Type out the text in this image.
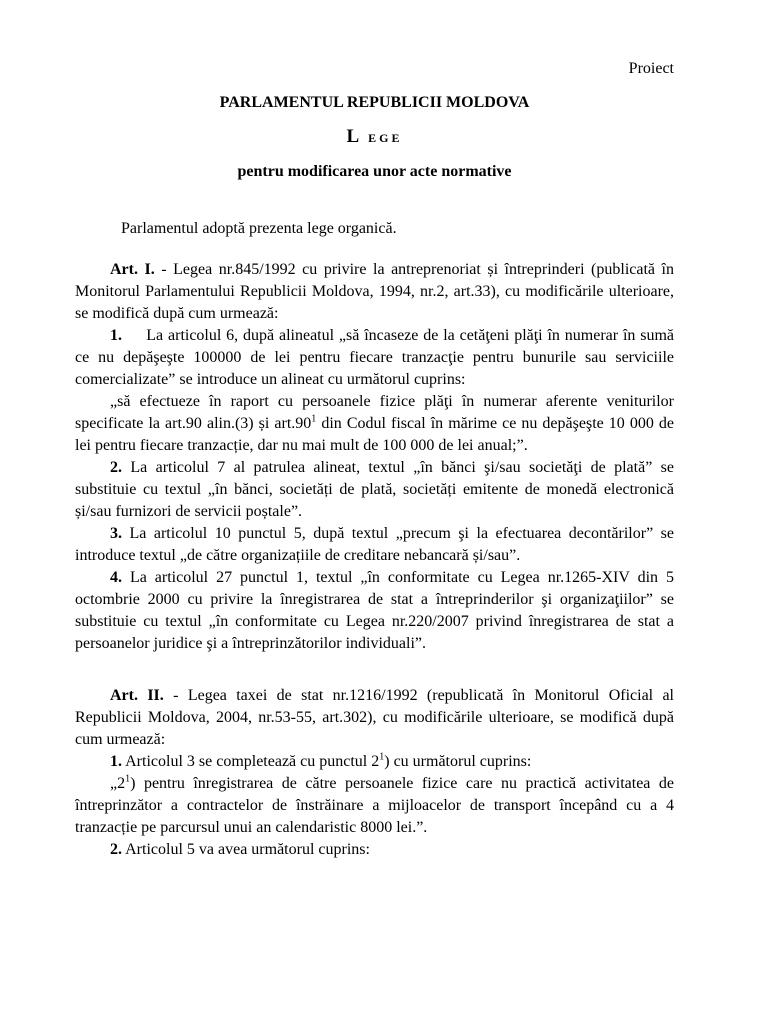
Proiect

PARLAMENTUL REPUBLICII MOLDOVA

L EGE

pentru modificarea unor acte normative

Parlamentul adoptă prezenta lege organică.

Art. I. - Legea nr.845/1992 cu privire la antreprenoriat și întreprinderi (publicată în Monitorul Parlamentului Republicii Moldova, 1994, nr.2, art.33), cu modificările ulterioare, se modifică după cum urmează:

1. La articolul 6, după alineatul „să încaseze de la cetăţeni plăţi în numerar în sumă ce nu depăşeşte 100000 de lei pentru fiecare tranzacţie pentru bunurile sau serviciile comercializate” se introduce un alineat cu următorul cuprins:

„să efectueze în raport cu persoanele fizice plăţi în numerar aferente veniturilor specificate la art.90 alin.(3) și $art.90^1$ din Codul fiscal în mărime ce nu depăşeşte 10 000 de lei pentru fiecare tranzacție, dar nu mai mult de 100 000 de lei anual;”.

2. La articolul 7 al patrulea alineat, textul „în bănci şi/sau societăţi de plată” se substituie cu textul „în bănci, societăți de plată, societăți emitente de monedă electronică și/sau furnizori de servicii poștale”.

3. La articolul 10 punctul 5, după textul „precum şi la efectuarea decontărilor” se introduce textul „de către organizațiile de creditare nebancară și/sau”.

4. La articolul 27 punctul 1, textul „în conformitate cu Legea nr.1265-XIV din 5 octombrie 2000 cu privire la înregistrarea de stat a întreprinderilor şi organizaţiilor” se substituie cu textul „în conformitate cu Legea nr.220/2007 privind înregistrarea de stat a persoanelor juridice şi a întreprinzătorilor individuali”.

Art. II. - Legea taxei de stat nr.1216/1992 (republicată în Monitorul Oficial al Republicii Moldova, 2004, nr.53-55, art.302), cu modificările ulterioare, se modifică după cum urmează:

1. Articolul 3 se completează cu punctul $2^1$) cu următorul cuprins:

$„2^1$) pentru înregistrarea de către persoanele fizice care nu practică activitatea de întreprinzător a contractelor de înstrăinare a mijloacelor de transport începând cu a 4 tranzacție pe parcursul unui an calendaristic 8000 lei.”.

2. Articolul 5 va avea următorul cuprins:
